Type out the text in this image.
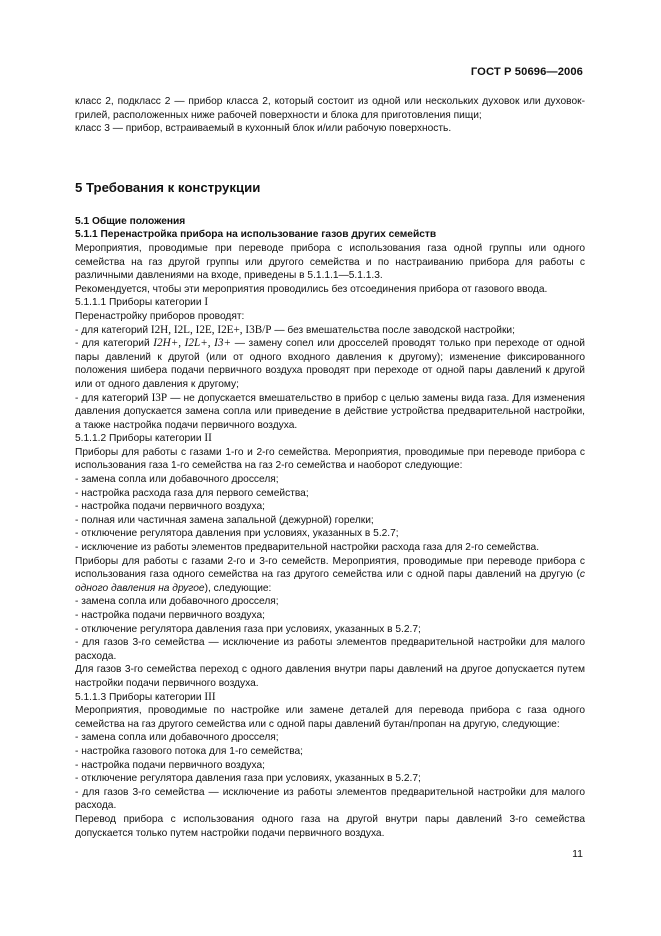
ГОСТ Р 50696—2006

класс 2, подкласс 2 — прибор класса 2, который состоит из одной или нескольких духовок или духовок-грилей, расположенных ниже рабочей поверхности и блока для приготовления пищи;

класс 3 — прибор, встраиваемый в кухонный блок и/или рабочую поверхность.

5 Требования к конструкции

5.1 Общие положения

5.1.1 Перенастройка прибора на использование газов других семейств

Мероприятия, проводимые при переводе прибора с использования газа одной группы или одного семейства на газ другой группы или другого семейства и по настраиванию прибора для работы с различными давлениями на входе, приведены в 5.1.1.1—5.1.1.3.

Рекомендуется, чтобы эти мероприятия проводились без отсоединения прибора от газового ввода.

5.1.1.1 Приборы категории I

Перенастройку приборов проводят:

- для категорий I2H, I2L, I2E, I2E+, I3B/P — без вмешательства после заводской настройки;

- для категорий I2H+, I2L+, I3+ — замену сопел или дросселей проводят только при переходе от одной пары давлений к другой (или от одного входного давления к другому); изменение фиксированного положения шибера подачи первичного воздуха проводят при переходе от одной пары давлений к другой или от одного давления к другому;

- для категорий I3P — не допускается вмешательство в прибор с целью замены вида газа. Для изменения давления допускается замена сопла или приведение в действие устройства предварительной настройки, а также настройка подачи первичного воздуха.

5.1.1.2 Приборы категории II

Приборы для работы с газами 1-го и 2-го семейства. Мероприятия, проводимые при переводе прибора с использования газа 1-го семейства на газ 2-го семейства и наоборот следующие:

- замена сопла или добавочного дросселя;

- настройка расхода газа для первого семейства;

- настройка подачи первичного воздуха;

- полная или частичная замена запальной (дежурной) горелки;

- отключение регулятора давления при условиях, указанных в 5.2.7;

- исключение из работы элементов предварительной настройки расхода газа для 2-го семейства.

Приборы для работы с газами 2-го и 3-го семейств. Мероприятия, проводимые при переводе прибора с использования газа одного семейства на газ другого семейства или с одной пары давлений на другую (с одного давления на другое), следующие:

- замена сопла или добавочного дросселя;

- настройка подачи первичного воздуха;

- отключение регулятора давления газа при условиях, указанных в 5.2.7;

- для газов 3-го семейства — исключение из работы элементов предварительной настройки для малого расхода.

Для газов 3-го семейства переход с одного давления внутри пары давлений на другое допускается путем настройки подачи первичного воздуха.

5.1.1.3 Приборы категории III

Мероприятия, проводимые по настройке или замене деталей для перевода прибора с газа одного семейства на газ другого семейства или с одной пары давлений бутан/пропан на другую, следующие:

- замена сопла или добавочного дросселя;

- настройка газового потока для 1-го семейства;

- настройка подачи первичного воздуха;

- отключение регулятора давления газа при условиях, указанных в 5.2.7;

- для газов 3-го семейства — исключение из работы элементов предварительной настройки для малого расхода.

Перевод прибора с использования одного газа на другой внутри пары давлений 3-го семейства допускается только путем настройки подачи первичного воздуха.

11
